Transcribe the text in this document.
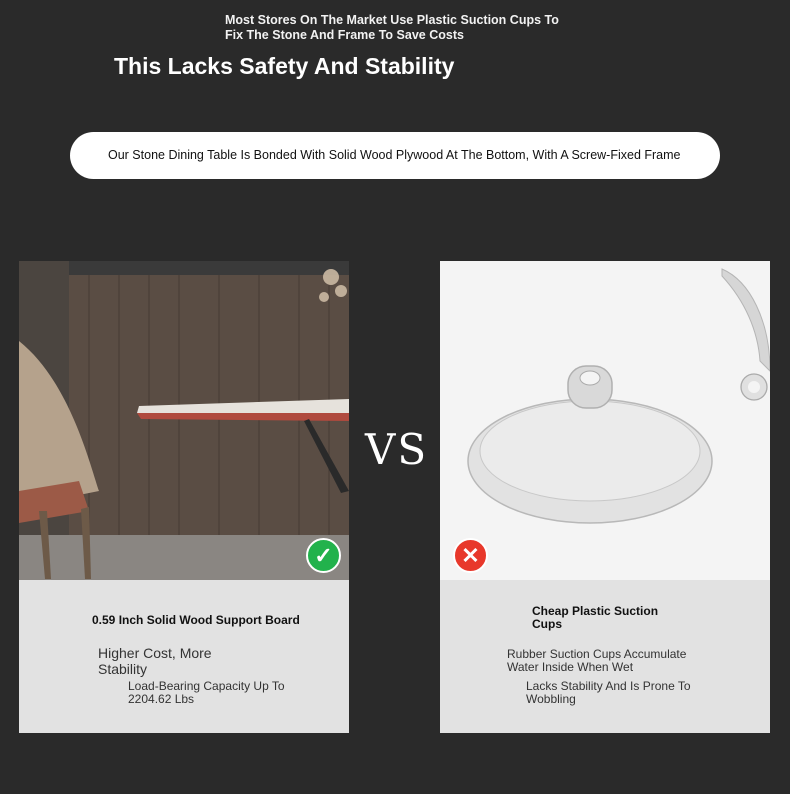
Most Stores On The Market Use Plastic Suction Cups To Fix The Stone And Frame To Save Costs
This Lacks Safety And Stability
Our Stone Dining Table Is Bonded With Solid Wood Plywood At The Bottom, With A Screw-Fixed Frame
✓
0.59 Inch Solid Wood Support Board
Higher Cost, More Stability
Load-Bearing Capacity Up To 2204.62 Lbs
VS
✕
Cheap Plastic Suction Cups
Rubber Suction Cups Accumulate Water Inside When Wet
Lacks Stability And Is Prone To Wobbling
